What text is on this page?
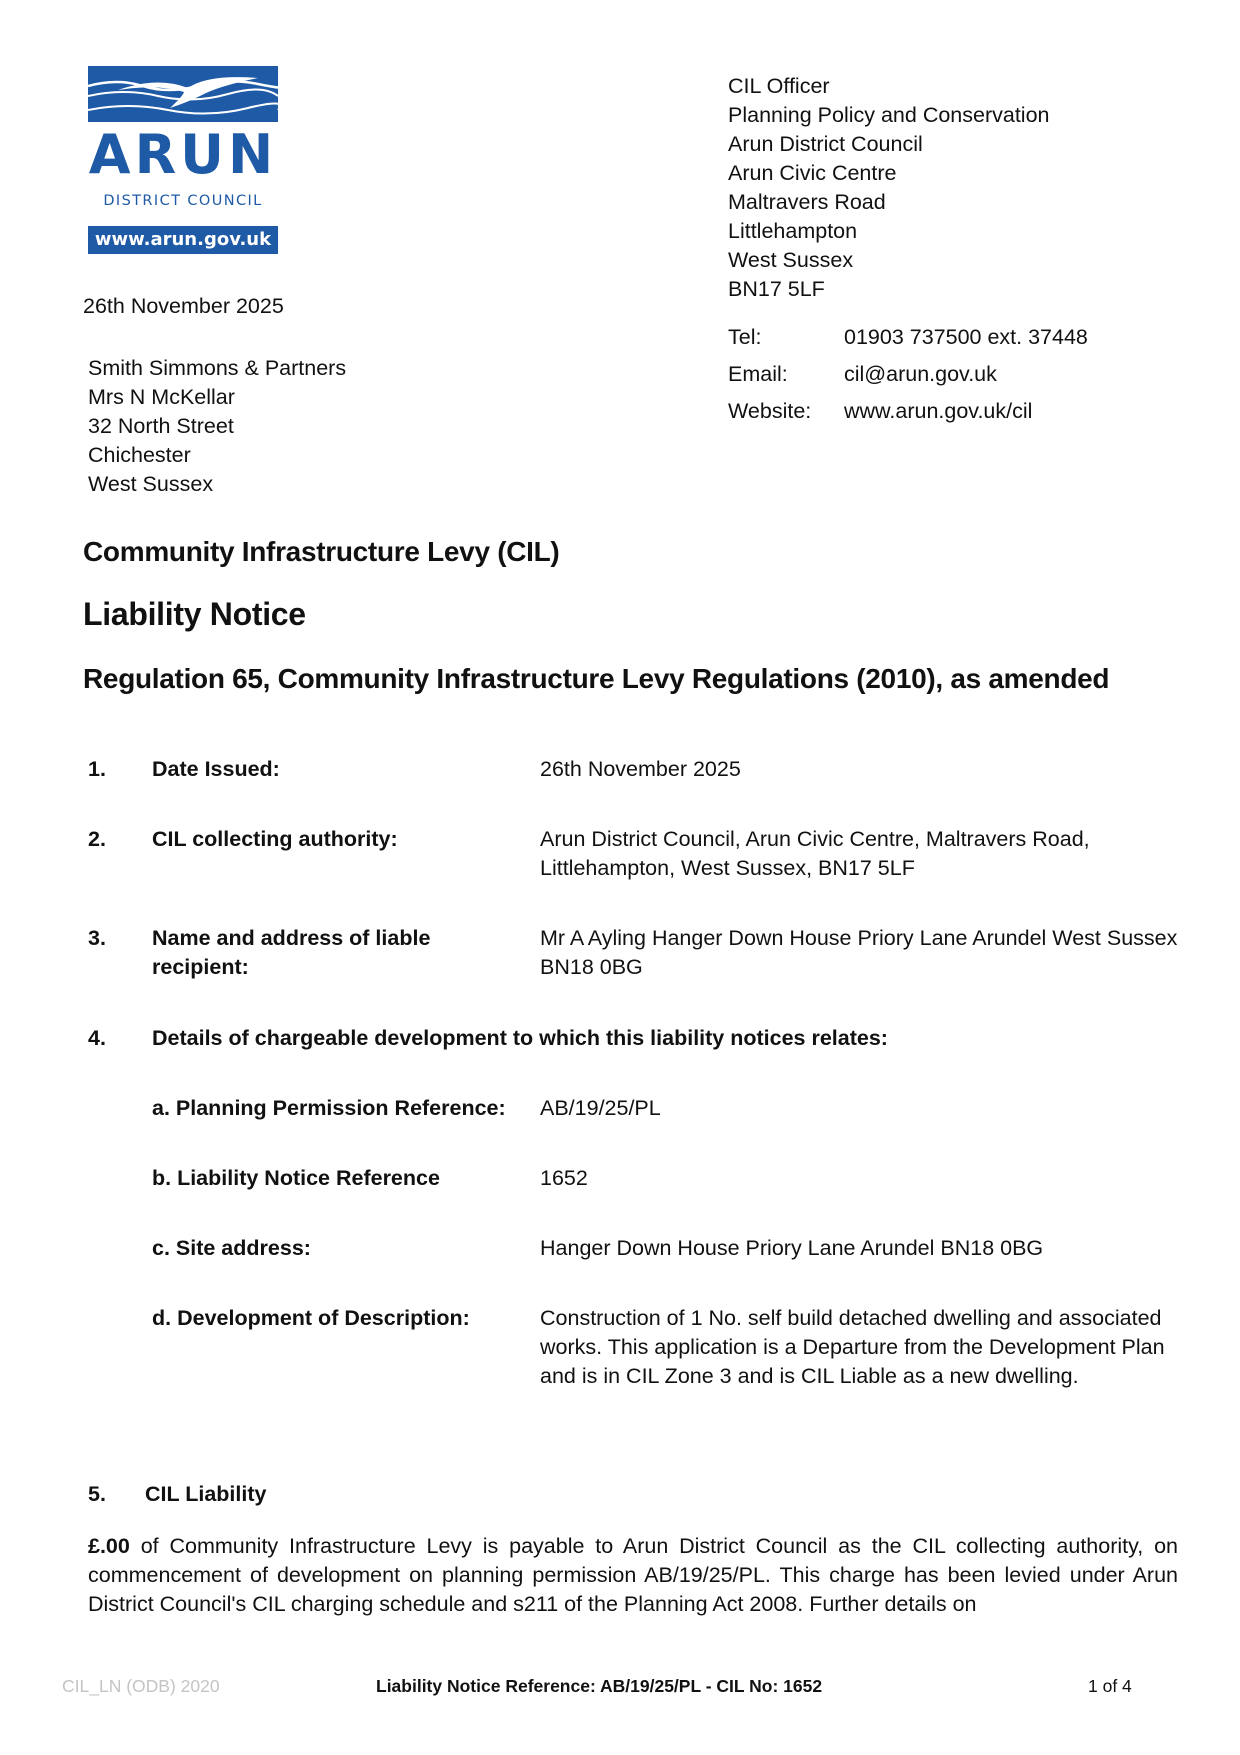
ARUN
DISTRICT COUNCIL
www.arun.gov.uk
CIL Officer
Planning Policy and Conservation
Arun District Council
Arun Civic Centre
Maltravers Road
Littlehampton
West Sussex
BN17 5LF
Tel:	01903 737500 ext. 37448
Email:	cil@arun.gov.uk
Website: www.arun.gov.uk/cil
26th November 2025
Smith Simmons & Partners
Mrs N McKellar
32 North Street
Chichester
West Sussex
Community Infrastructure Levy (CIL)
Liability Notice
Regulation 65, Community Infrastructure Levy Regulations (2010), as amended
1. Date Issued:	26th November 2025
2. CIL collecting authority:	Arun District Council, Arun Civic Centre, Maltravers Road, Littlehampton, West Sussex, BN17 5LF
3. Name and address of liable recipient:
Mr A Ayling Hanger Down House Priory Lane Arundel West Sussex BN18 0BG
4. Details of chargeable development to which this liability notices relates:
a. Planning Permission Reference:	AB/19/25/PL
b. Liability Notice Reference	1652
c. Site address:	Hanger Down House Priory Lane Arundel BN18 0BG
d. Development of Description:	Construction of 1 No. self build detached dwelling and associated works. This application is a Departure from the Development Plan and is in CIL Zone 3 and is CIL Liable as a new dwelling.
5. CIL Liability
£.00 of Community Infrastructure Levy is payable to Arun District Council as the CIL collecting authority, on commencement of development on planning permission AB/19/25/PL. This charge has been levied under Arun District Council's CIL charging schedule and s211 of the Planning Act 2008. Further details on
CIL_LN (ODB) 2020	Liability Notice Reference: AB/19/25/PL - CIL No: 1652	1 of 4
